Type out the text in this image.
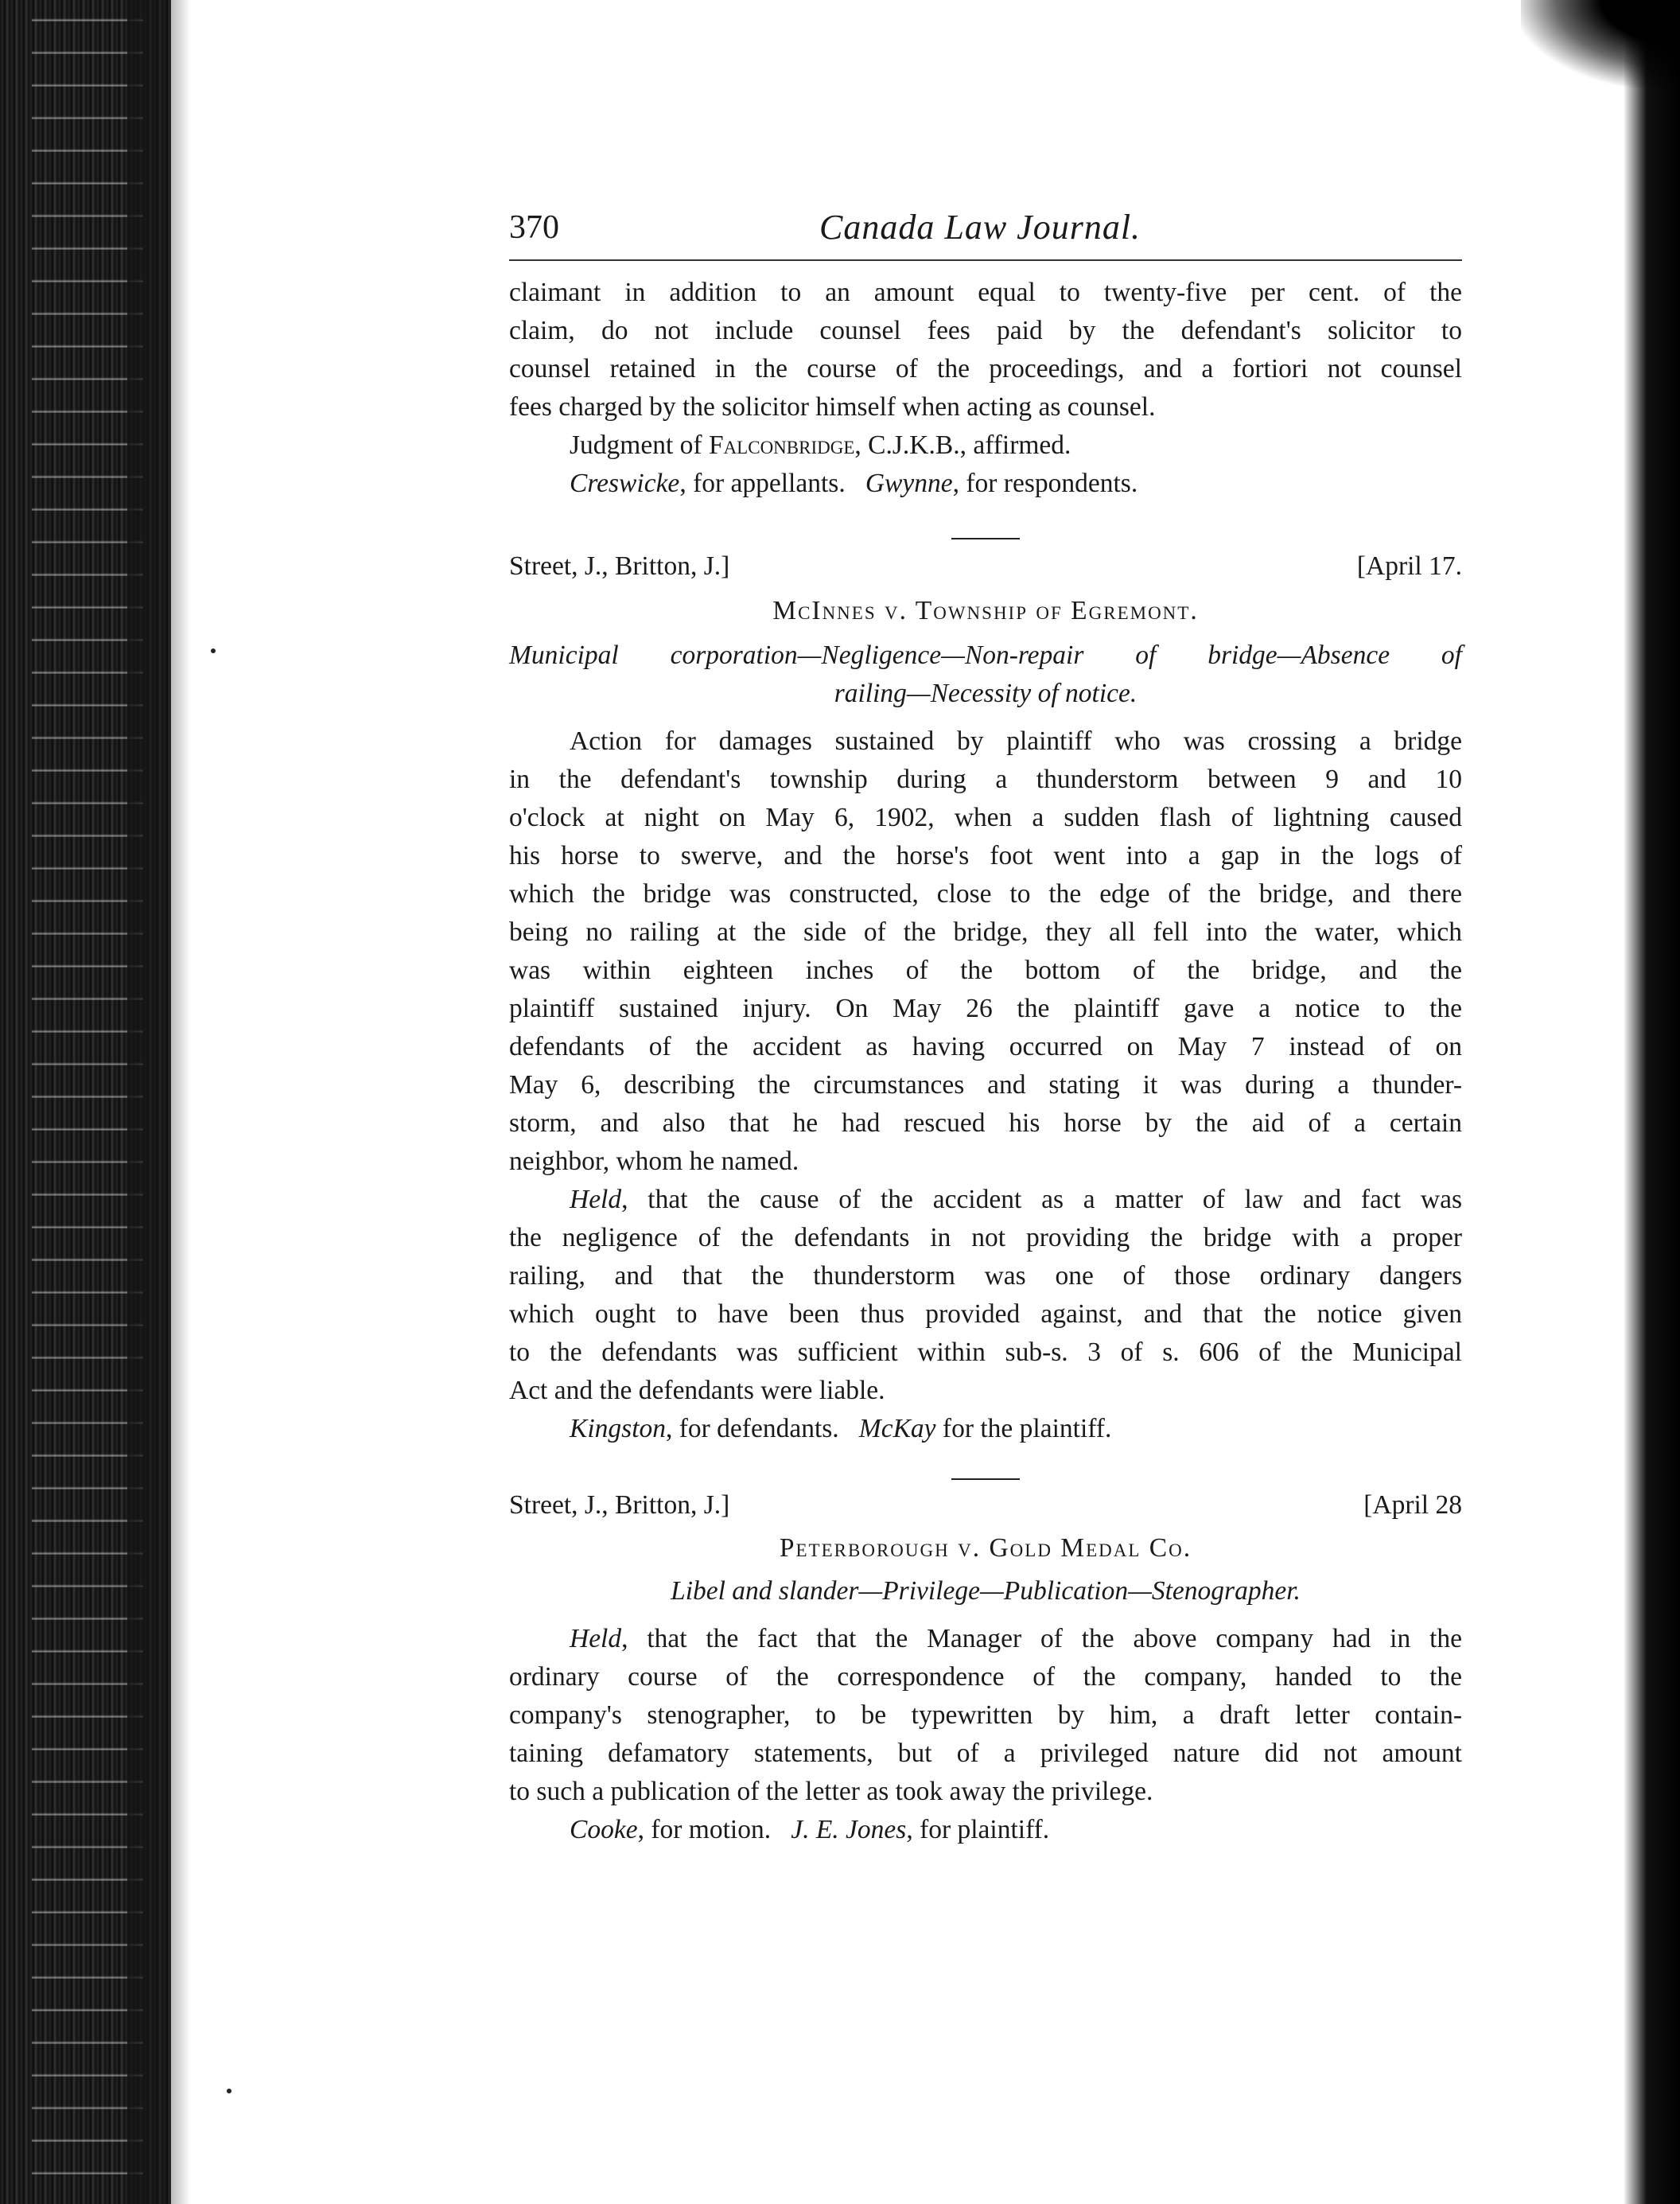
370	Canada Law Journal.

claimant in addition to an amount equal to twenty-five per cent. of the

claim, do not include counsel fees paid by the defendant's solicitor to

counsel retained in the course of the proceedings, and a fortiori not counsel

fees charged by the solicitor himself when acting as counsel.

Judgment of Falconbridge, C.J.K.B., affirmed.

Creswicke, for appellants. Gwynne, for respondents.

Street, J., Britton, J.]	[April 17.

McInnes v. Township of Egremont.

Municipal corporation—Negligence—Non-repair of bridge—Absence of

railing—Necessity of notice.

Action for damages sustained by plaintiff who was crossing a bridge

in the defendant's township during a thunderstorm between 9 and 10

o'clock at night on May 6, 1902, when a sudden flash of lightning caused

his horse to swerve, and the horse's foot went into a gap in the logs of

which the bridge was constructed, close to the edge of the bridge, and there

being no railing at the side of the bridge, they all fell into the water, which

was within eighteen inches of the bottom of the bridge, and the

plaintiff sustained injury. On May 26 the plaintiff gave a notice to the

defendants of the accident as having occurred on May 7 instead of on

May 6, describing the circumstances and stating it was during a thunder-

storm, and also that he had rescued his horse by the aid of a certain

neighbor, whom he named.

Held, that the cause of the accident as a matter of law and fact was

the negligence of the defendants in not providing the bridge with a proper

railing, and that the thunderstorm was one of those ordinary dangers

which ought to have been thus provided against, and that the notice given

to the defendants was sufficient within sub-s. 3 of s. 606 of the Municipal

Act and the defendants were liable.

Kingston, for defendants. McKay for the plaintiff.

Street, J., Britton, J.]	[April 28

Peterborough v. Gold Medal Co.

Libel and slander—Privilege—Publication—Stenographer.

Held, that the fact that the Manager of the above company had in the

ordinary course of the correspondence of the company, handed to the

company's stenographer, to be typewritten by him, a draft letter contain-

taining defamatory statements, but of a privileged nature did not amount

to such a publication of the letter as took away the privilege.

Cooke, for motion. J. E. Jones, for plaintiff.
